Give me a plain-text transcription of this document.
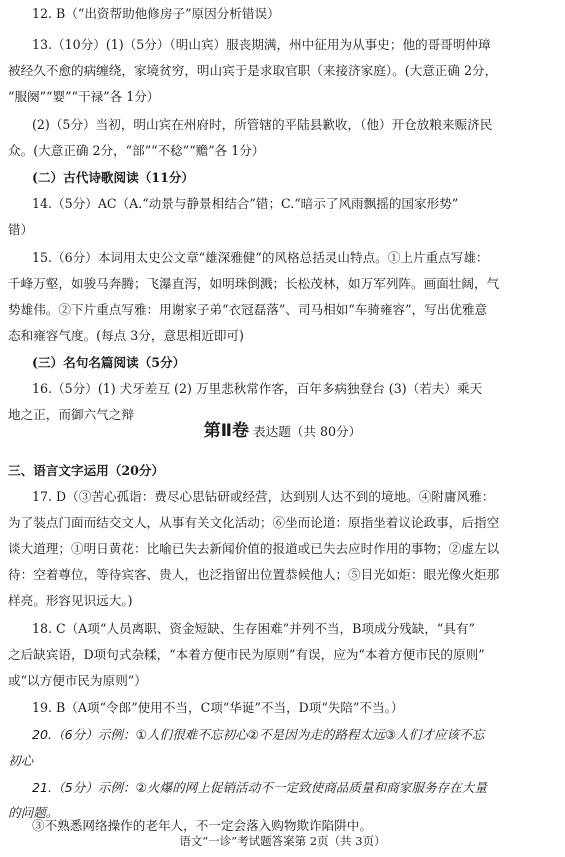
12. B（“出资帮助他修房子”原因分析错误）
13.（10分）(1)（5分）（明山宾）服丧期满，州中征用为从事史；他的哥哥明仲璋
被经久不愈的病缠绕，家境贫穷，明山宾于是求取官职（来接济家庭）。(大意正确 2分，
“服阕”“婴”“干禄”各 1分）
(2)（5分）当初，明山宾在州府时，所管辖的平陆县歉收，（他）开仓放粮来赈济民
众。(大意正确 2分，“部”“不稔”“赡”各 1分）
(二）古代诗歌阅读（11分）
14.（5分）AC（A.“动景与静景相结合”错；C.“暗示了风雨飘摇的国家形势”
错）
15.（6分）本词用太史公文章“雄深雅健”的风格总括灵山特点。①上片重点写雄：
千峰万壑，如骏马奔腾；飞瀑直泻，如明珠倒溅；长松茂林，如万军列阵。画面壮阔，气
势雄伟。②下片重点写雅：用谢家子弟“衣冠磊落”、司马相如“车骑雍容”，写出优雅意
态和雍容气度。(每点 3分，意思相近即可)
(三）名句名篇阅读（5分）
16.（5分）(1) 犬牙差互 (2) 万里悲秋常作客，百年多病独登台 (3)（若夫）乘天
地之正，而御六气之辩
第Ⅱ卷 表达题（共 80分）
三、语言文字运用（20分）
17. D（③苦心孤诣：费尽心思钻研或经营，达到别人达不到的境地。④附庸风雅：
为了装点门面而结交文人，从事有关文化活动；⑥坐而论道：原指坐着议论政事，后指空
谈大道理；①明日黄花：比喻已失去新闻价值的报道或已失去应时作用的事物；②虚左以
待：空着尊位，等待宾客、贵人，也泛指留出位置恭候他人；⑤目光如炬：眼光像火炬那
样亮。形容见识远大。)
18. C（A项“人员离职、资金短缺、生存困难”并列不当，B项成分残缺，“具有”
之后缺宾语，D项句式杂糅，“本着方便市民为原则”有误，应为“本着方便市民的原则”
或“以方便市民为原则”）
19. B（A项“令郎”使用不当，C项“华诞”不当，D项“失陪”不当。）
20.（6分）示例：①人们很难不忘初心②不是因为走的路程太远③人们才应该不忘
初心
21.（5分）示例：②火爆的网上促销活动不一定致使商品质量和商家服务存在大量
的问题。
③不熟悉网络操作的老年人，不一定会落入购物欺诈陷阱中。
语文“一诊”考试题答案第 2页（共 3页）
